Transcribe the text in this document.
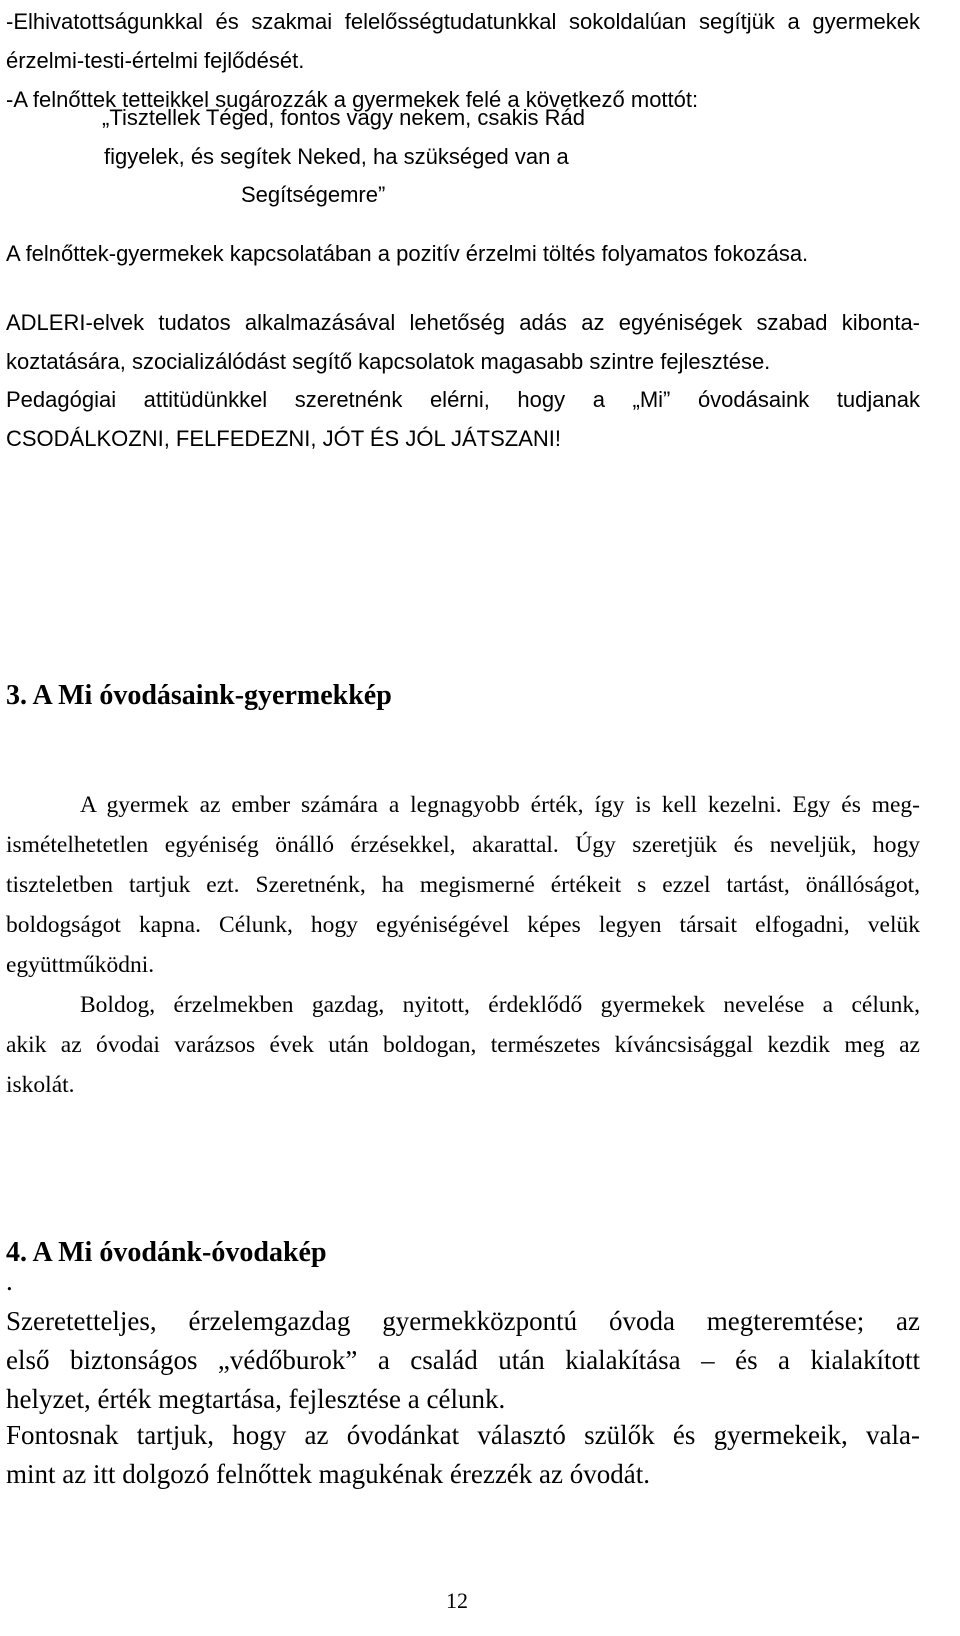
-Elhivatottságunkkal és szakmai felelősségtudatunkkal sokoldalúan segítjük a gyermekek
érzelmi-testi-értelmi fejlődését.
-A felnőttek tetteikkel sugározzák a gyermekek felé a következő mottót:
„Tisztellek Téged, fontos vagy nekem, csakis Rád
figyelek, és segítek Neked, ha szükséged van a
Segítségemre”
A felnőttek-gyermekek kapcsolatában a pozitív érzelmi töltés folyamatos fokozása.
ADLERI-elvek tudatos alkalmazásával lehetőség adás az egyéniségek szabad kibonta-
koztatására, szocializálódást segítő kapcsolatok magasabb szintre fejlesztése.
Pedagógiai attitüdünkkel szeretnénk elérni, hogy a „Mi” óvodásaink tudjanak
CSODÁLKOZNI, FELFEDEZNI, JÓT ÉS JÓL JÁTSZANI!
3. A Mi óvodásaink-gyermekkép
A gyermek az ember számára a legnagyobb érték, így is kell kezelni. Egy és meg-
ismételhetetlen egyéniség önálló érzésekkel, akarattal. Úgy szeretjük és neveljük, hogy
tiszteletben tartjuk ezt. Szeretnénk, ha megismerné értékeit s ezzel tartást, önállóságot,
boldogságot kapna. Célunk, hogy egyéniségével képes legyen társait elfogadni, velük
együttműködni.
Boldog, érzelmekben gazdag, nyitott, érdeklődő gyermekek nevelése a célunk,
akik az óvodai varázsos évek után boldogan, természetes kíváncsisággal kezdik meg az
iskolát.
4. A Mi óvodánk-óvodakép
.
Szeretetteljes, érzelemgazdag gyermekközpontú óvoda megteremtése; az
első biztonságos „védőburok” a család után kialakítása – és a kialakított
helyzet, érték megtartása, fejlesztése a célunk.
Fontosnak tartjuk, hogy az óvodánkat választó szülők és gyermekeik, vala-
mint az itt dolgozó felnőttek magukénak érezzék az óvodát.
12
